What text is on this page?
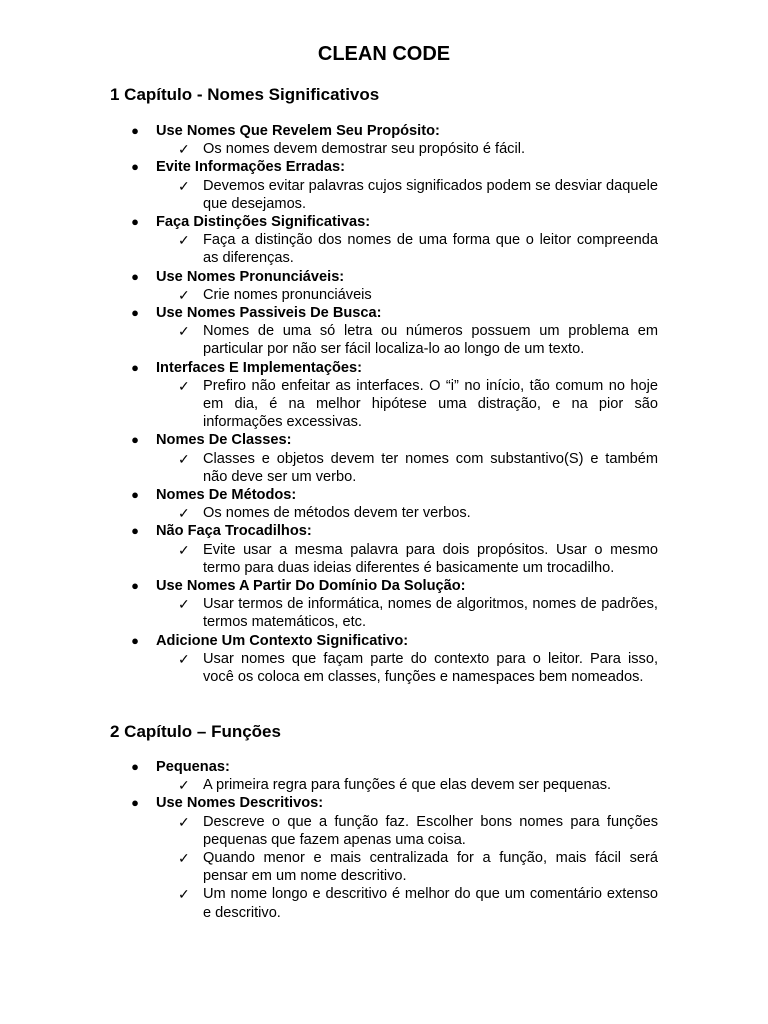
CLEAN CODE
1 Capítulo - Nomes Significativos
● Use Nomes Que Revelem Seu Propósito:
✓ Os nomes devem demostrar seu propósito é fácil.
● Evite Informações Erradas:
✓ Devemos evitar palavras cujos significados podem se desviar daquele que desejamos.
● Faça Distinções Significativas:
✓ Faça a distinção dos nomes de uma forma que o leitor compreenda as diferenças.
● Use Nomes Pronunciáveis:
✓ Crie nomes pronunciáveis
● Use Nomes Passiveis De Busca:
✓ Nomes de uma só letra ou números possuem um problema em particular por não ser fácil localiza-lo ao longo de um texto.
● Interfaces E Implementações:
✓ Prefiro não enfeitar as interfaces. O “i” no início, tão comum no hoje em dia, é na melhor hipótese uma distração, e na pior são informações excessivas.
● Nomes De Classes:
✓ Classes e objetos devem ter nomes com substantivo(S) e também não deve ser um verbo.
● Nomes De Métodos:
✓ Os nomes de métodos devem ter verbos.
● Não Faça Trocadilhos:
✓ Evite usar a mesma palavra para dois propósitos. Usar o mesmo termo para duas ideias diferentes é basicamente um trocadilho.
● Use Nomes A Partir Do Domínio Da Solução:
✓ Usar termos de informática, nomes de algoritmos, nomes de padrões, termos matemáticos, etc.
● Adicione Um Contexto Significativo:
✓ Usar nomes que façam parte do contexto para o leitor. Para isso, você os coloca em classes, funções e namespaces bem nomeados.
2 Capítulo – Funções
● Pequenas:
✓ A primeira regra para funções é que elas devem ser pequenas.
● Use Nomes Descritivos:
✓ Descreve o que a função faz. Escolher bons nomes para funções pequenas que fazem apenas uma coisa.
✓ Quando menor e mais centralizada for a função, mais fácil será pensar em um nome descritivo.
✓ Um nome longo e descritivo é melhor do que um comentário extenso e descritivo.
